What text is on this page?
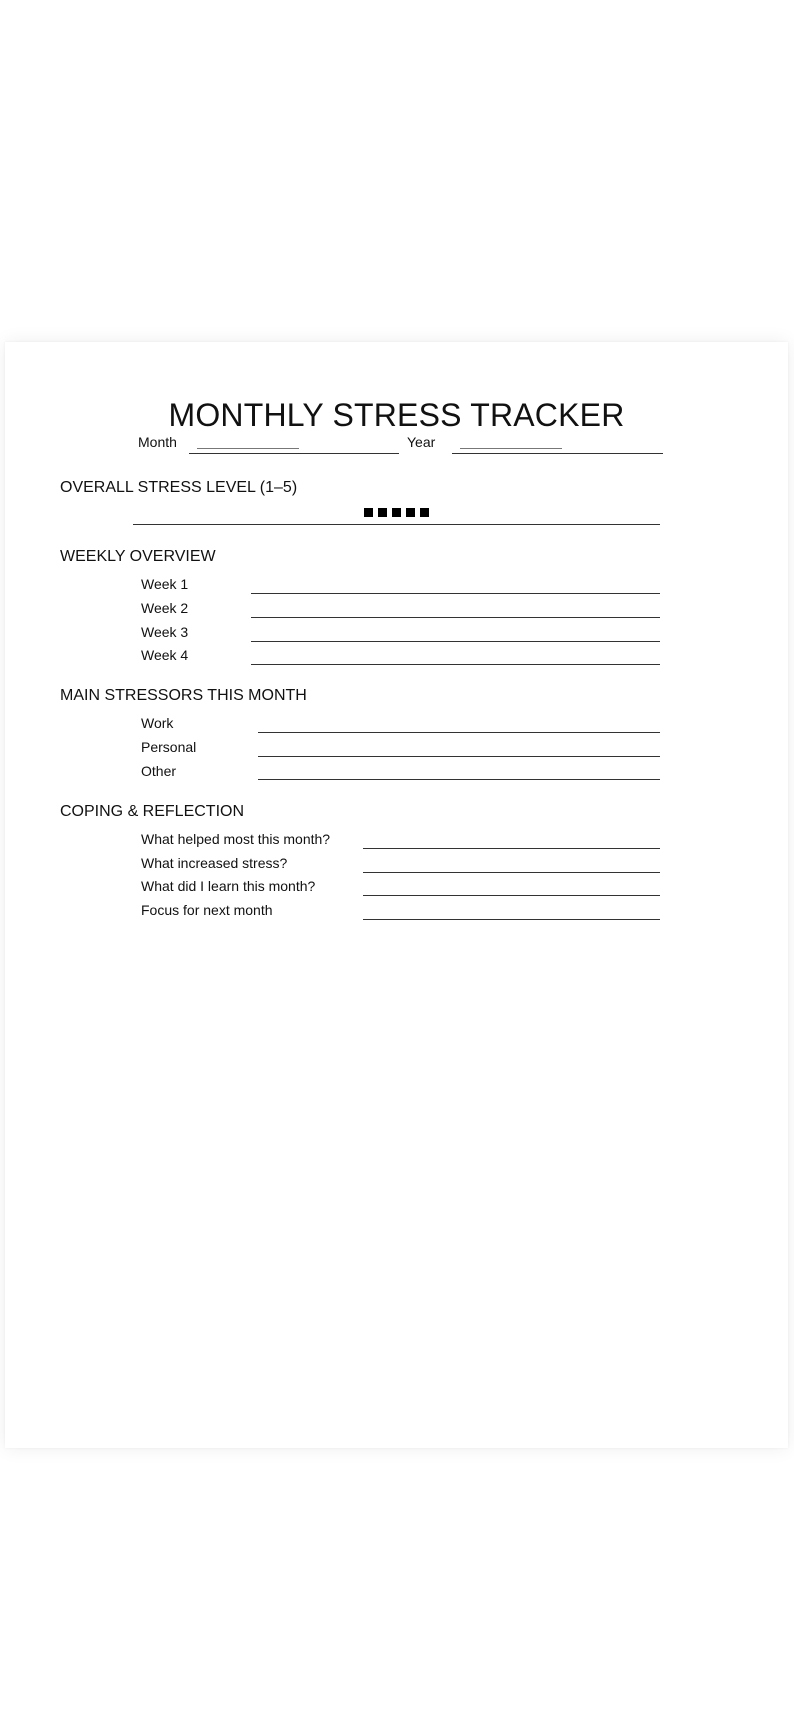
MONTHLY STRESS TRACKER
Month	Year
OVERALL STRESS LEVEL (1–5)
WEEKLY OVERVIEW
Week 1
Week 2
Week 3
Week 4
MAIN STRESSORS THIS MONTH
Work
Personal
Other
COPING & REFLECTION
What helped most this month?
What increased stress?
What did I learn this month?
Focus for next month
